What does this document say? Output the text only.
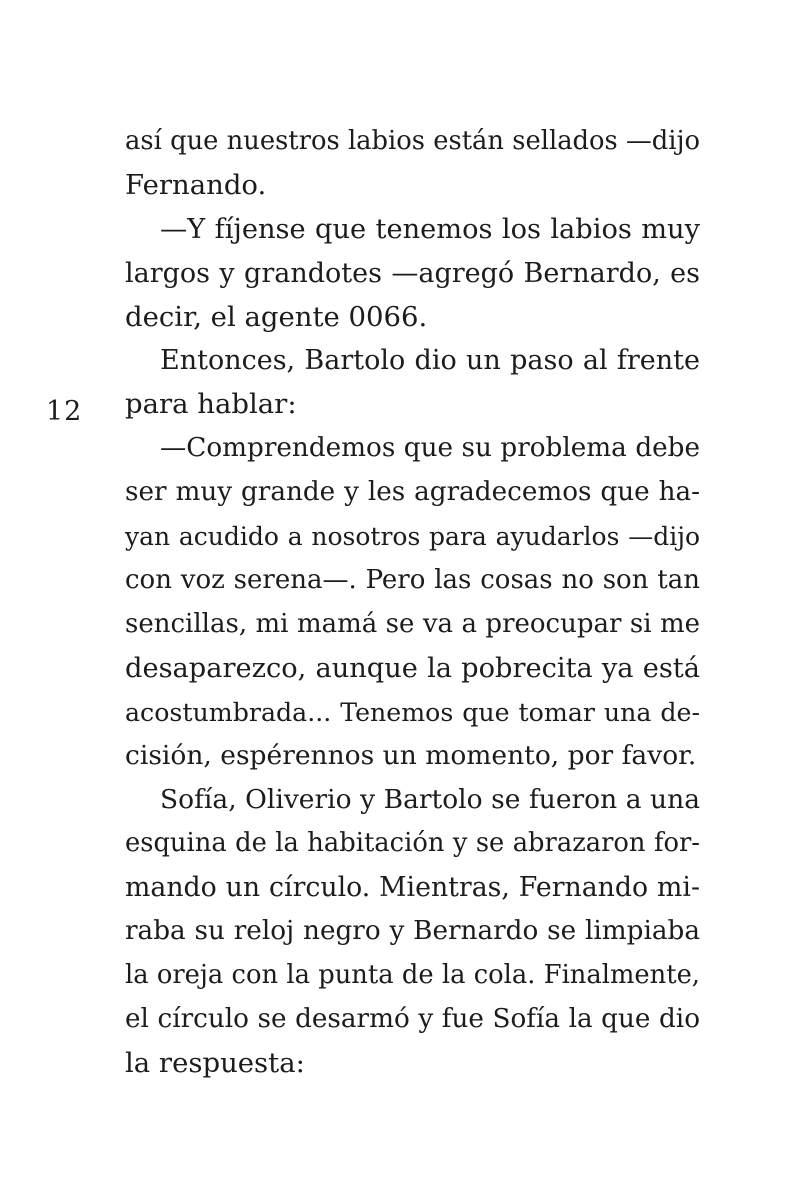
12
así que nuestros labios están sellados —dijo
Fernando.
—Y fíjense que tenemos los labios muy
largos y grandotes —agregó Bernardo, es
decir, el agente 0066.
Entonces, Bartolo dio un paso al frente
para hablar:
—Comprendemos que su problema debe
ser muy grande y les agradecemos que ha-
yan acudido a nosotros para ayudarlos —dijo
con voz serena—. Pero las cosas no son tan
sencillas, mi mamá se va a preocupar si me
desaparezco, aunque la pobrecita ya está
acostumbrada... Tenemos que tomar una de-
cisión, espérennos un momento, por favor.
Sofía, Oliverio y Bartolo se fueron a una
esquina de la habitación y se abrazaron for-
mando un círculo. Mientras, Fernando mi-
raba su reloj negro y Bernardo se limpiaba
la oreja con la punta de la cola. Finalmente,
el círculo se desarmó y fue Sofía la que dio
la respuesta:
